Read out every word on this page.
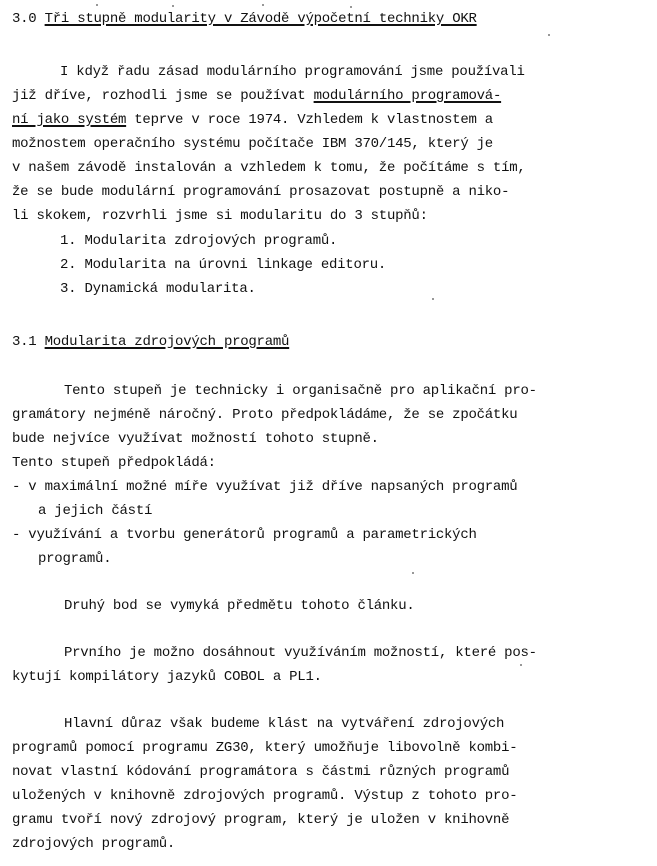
3.0 Tři stupně modularity v Závodě výpočetní techniky OKR
I když řadu zásad modulárního programování jsme používali
již dříve, rozhodli jsme se používat modulárního programová-
ní jako systém teprve v roce 1974. Vzhledem k vlastnostem a
možnostem operačního systému počítače IBM 370/145, který je
v našem závodě instalován a vzhledem k tomu, že počítáme s tím,
že se bude modulární programování prosazovat postupně a niko-
li skokem, rozvrhli jsme si modularitu do 3 stupňů:
1. Modularita zdrojových programů.
2. Modularita na úrovni linkage editoru.
3. Dynamická modularita.
3.1 Modularita zdrojových programů
Tento stupeň je technicky i organisačně pro aplikační pro-
gramátory nejméně náročný. Proto předpokládáme, že se zpočátku
bude nejvíce využívat možností tohoto stupně.
Tento stupeň předpokládá:
- v maximální možné míře využívat již dříve napsaných programů
a jejich částí
- využívání a tvorbu generátorů programů a parametrických
programů.
Druhý bod se vymyká předmětu tohoto článku.
Prvního je možno dosáhnout využíváním možností, které pos-
kytují kompilátory jazyků COBOL a PL1.
Hlavní důraz však budeme klást na vytváření zdrojových
programů pomocí programu ZG30, který umožňuje libovolně kombi-
novat vlastní kódování programátora s částmi různých programů
uložených v knihovně zdrojových programů. Výstup z tohoto pro-
gramu tvoří nový zdrojový program, který je uložen v knihovně
zdrojových programů.
